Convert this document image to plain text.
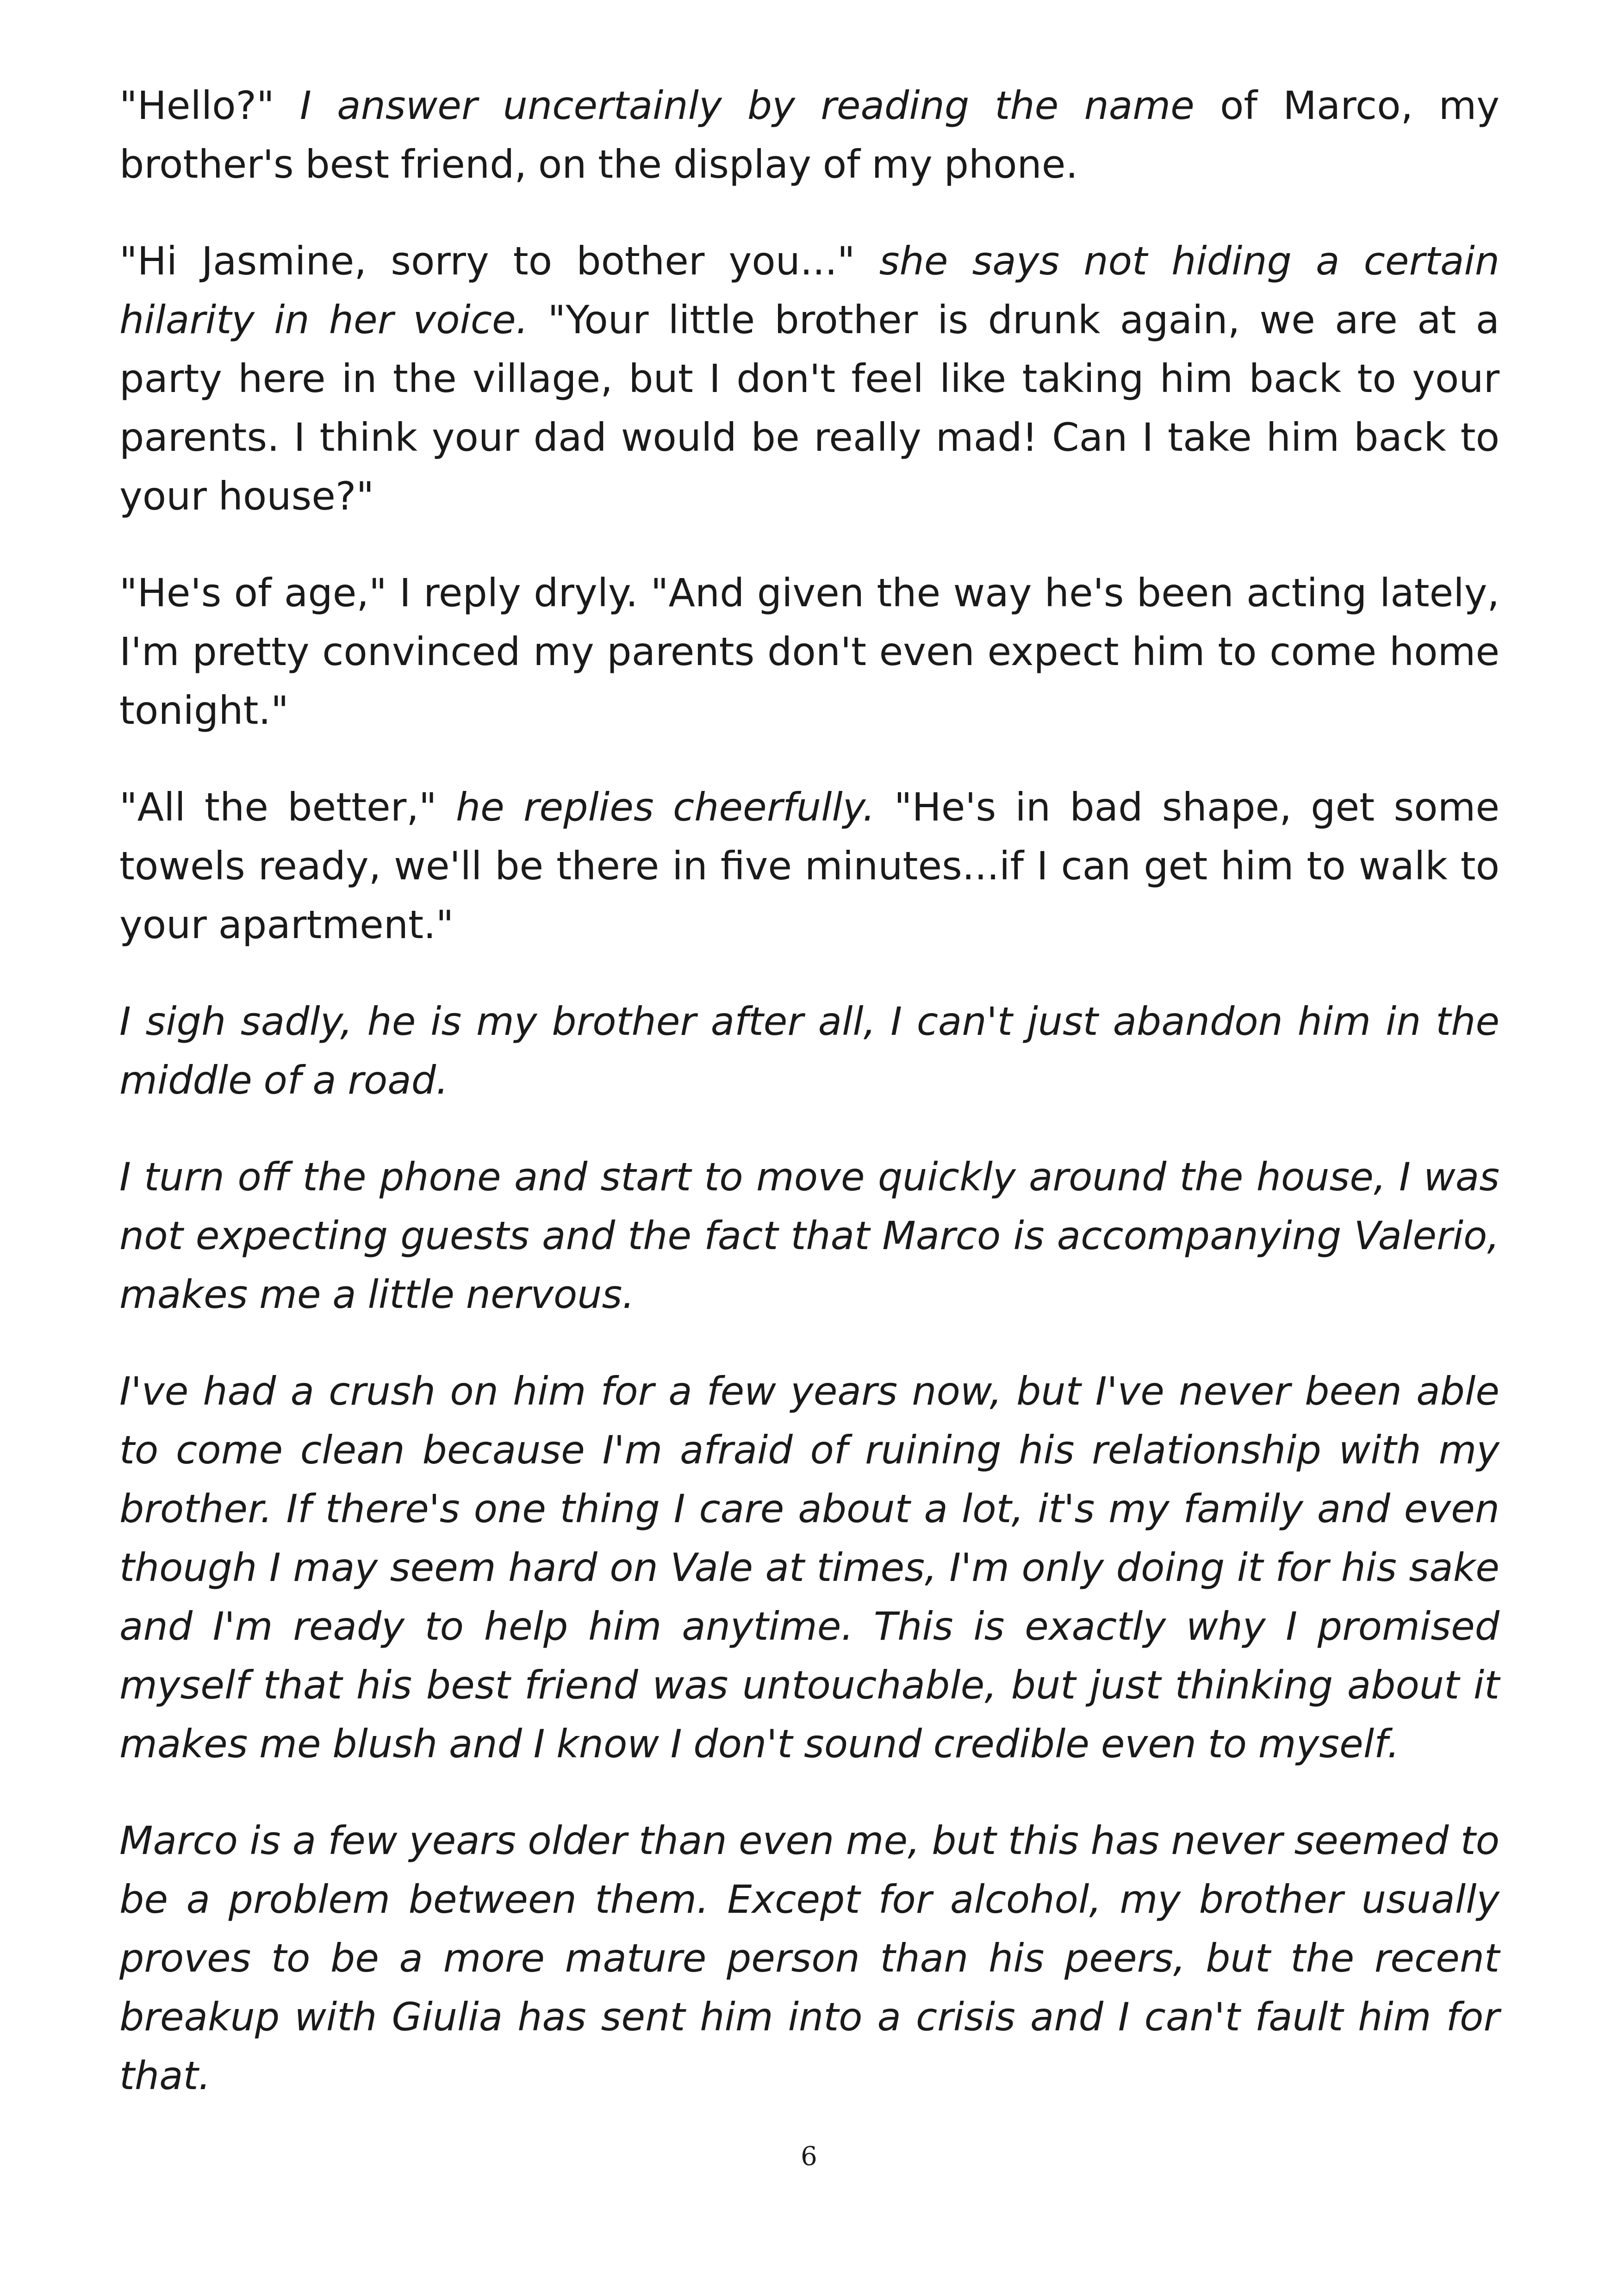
"Hello?" I answer uncertainly by reading the name of Marco, my brother's best friend, on the display of my phone.

"Hi Jasmine, sorry to bother you..." she says not hiding a certain hilarity in her voice. "Your little brother is drunk again, we are at a party here in the village, but I don't feel like taking him back to your parents. I think your dad would be really mad! Can I take him back to your house?"

"He's of age," I reply dryly. "And given the way he's been acting lately, I'm pretty convinced my parents don't even expect him to come home tonight."

"All the better," he replies cheerfully. "He's in bad shape, get some towels ready, we'll be there in five minutes...if I can get him to walk to your apartment."

I sigh sadly, he is my brother after all, I can't just abandon him in the middle of a road.

I turn off the phone and start to move quickly around the house, I was not expecting guests and the fact that Marco is accompanying Valerio, makes me a little nervous.

I've had a crush on him for a few years now, but I've never been able to come clean because I'm afraid of ruining his relationship with my brother. If there's one thing I care about a lot, it's my family and even though I may seem hard on Vale at times, I'm only doing it for his sake and I'm ready to help him anytime. This is exactly why I promised myself that his best friend was untouchable, but just thinking about it makes me blush and I know I don't sound credible even to myself.

Marco is a few years older than even me, but this has never seemed to be a problem between them. Except for alcohol, my brother usually proves to be a more mature person than his peers, but the recent breakup with Giulia has sent him into a crisis and I can't fault him for that.

6
